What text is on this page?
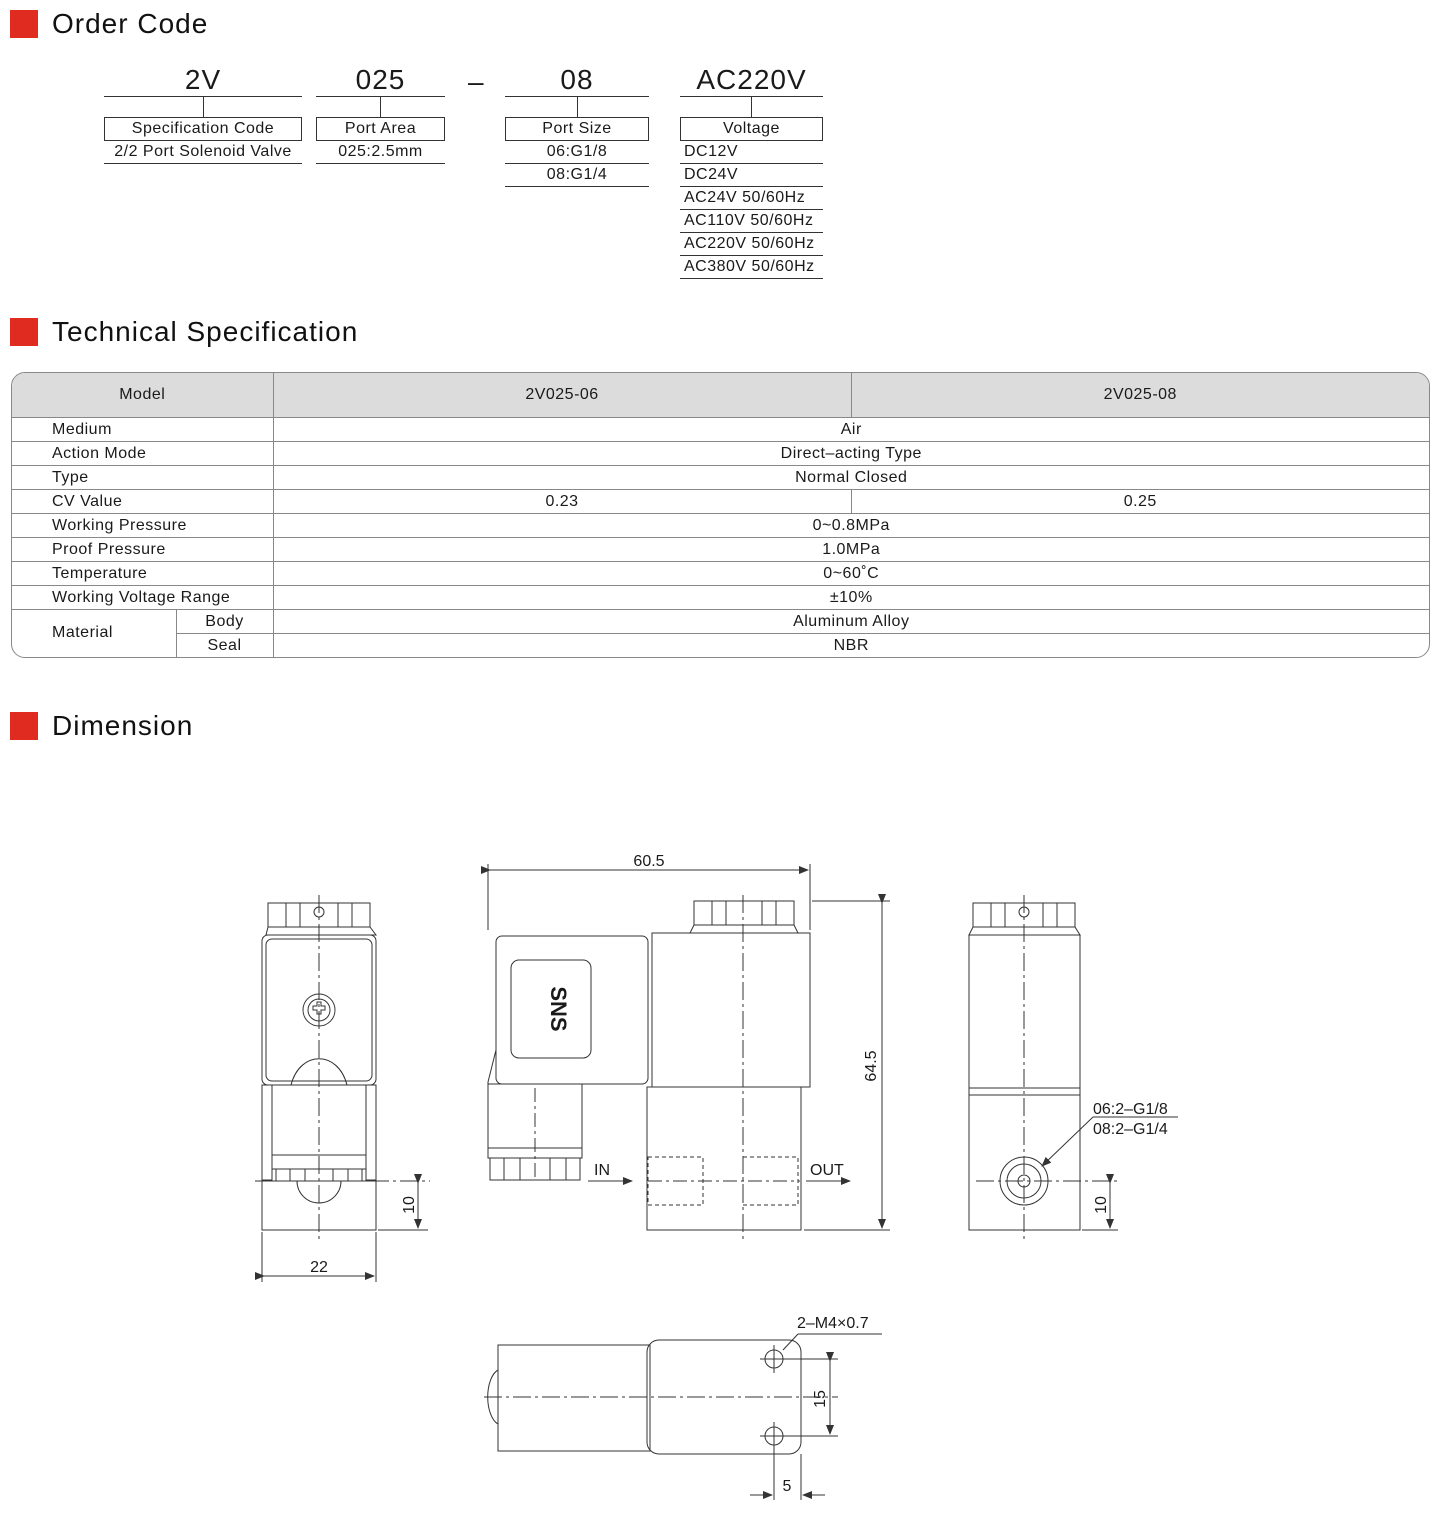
Order Code
2V
Specification Code
2/2 Port Solenoid Valve
025
Port Area
025:2.5mm
–	08
Port Size
06:G1/8
08:G1/4
AC220V
Voltage
DC12V
DC24V
AC24V 50/60Hz
AC110V 50/60Hz
AC220V 50/60Hz
AC380V 50/60Hz
Technical Specification
Model		2V025-06	2V025-08
Medium		Air	
Action Mode		Direct–acting Type	
Type		Normal Closed	
CV Value		0.23	0.25
Working Pressure		0~0.8MPa	
Proof Pressure		1.0MPa	
Temperature		0~60˚C	
Working Voltage Range		±10%	
Material	Body	Aluminum Alloy	
	Seal	NBR	
Dimension
22
10
SNS
60.5
64.5
IN	OUT
06:2–G1/8
08:2–G1/4
10
2–M4×0.7
15
5
